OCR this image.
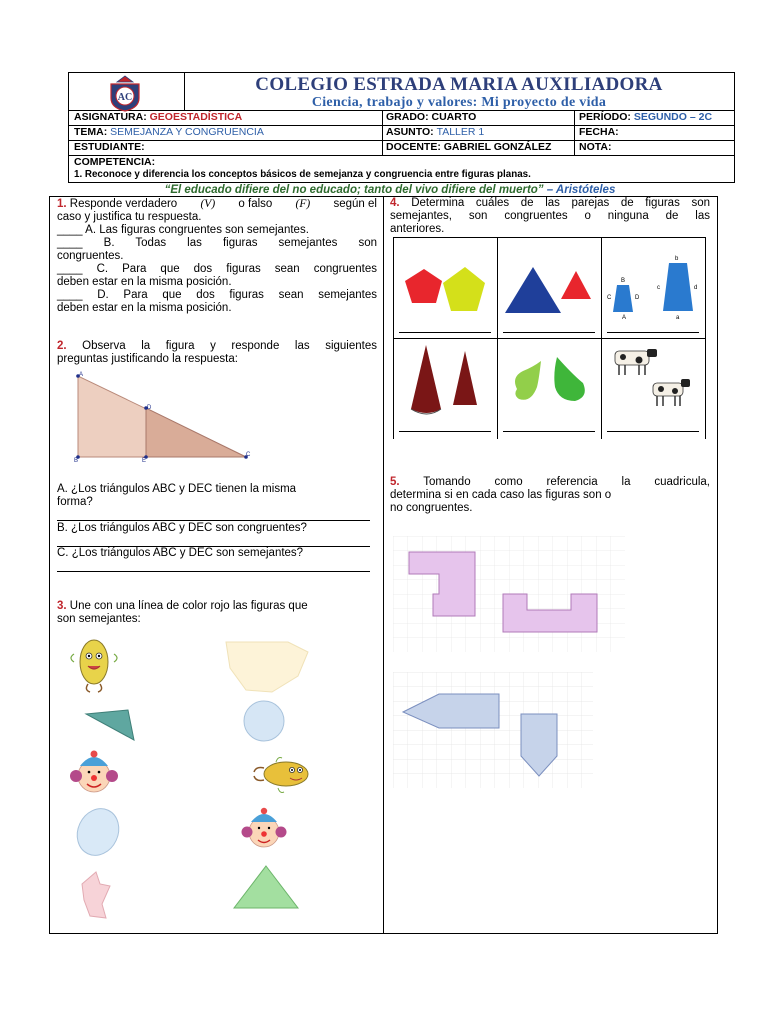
AC
COLEGIO ESTRADA MARIA AUXILIADORA
Ciencia, trabajo y valores: Mi proyecto de vida
ASIGNATURA: GEOESTADÍSTICA	GRADO: CUARTO	PERÍODO: SEGUNDO – 2C
TEMA: SEMEJANZA Y CONGRUENCIA	ASUNTO: TALLER 1	FECHA:
ESTUDIANTE:	DOCENTE: GABRIEL GONZÁLEZ	NOTA:
COMPETENCIA:
1. Reconoce y diferencia los conceptos básicos de semejanza y congruencia entre figuras planas.
“El educado difiere del no educado; tanto del vivo difiere del muerto” – Aristóteles
1. Responde verdadero (V) o falso (F) según el
caso y justifica tu respuesta.
____ A. Las figuras congruentes son semejantes.
____ B. Todas las figuras semejantes son
congruentes.
____ C. Para que dos figuras sean congruentes
deben estar en la misma posición.
____ D. Para que dos figuras sean semejantes
deben estar en la misma posición.
2. Observa la figura y responde las siguientes
preguntas justificando la respuesta:
A
B
D
E
C
A. ¿Los triángulos ABC y DEC tienen la misma
forma?
B. ¿Los triángulos ABC y DEC son congruentes?
C. ¿Los triángulos ABC y DEC son semejantes?
3. Une con una línea de color rojo las figuras que
son semejantes:
4. Determina cuáles de las parejas de figuras son
semejantes, son congruentes o ninguna de las
anteriores.
B
b
C	D
c	d
A	a
5. Tomando como referencia la cuadricula,
determina si en cada caso las figuras son o
no congruentes.
